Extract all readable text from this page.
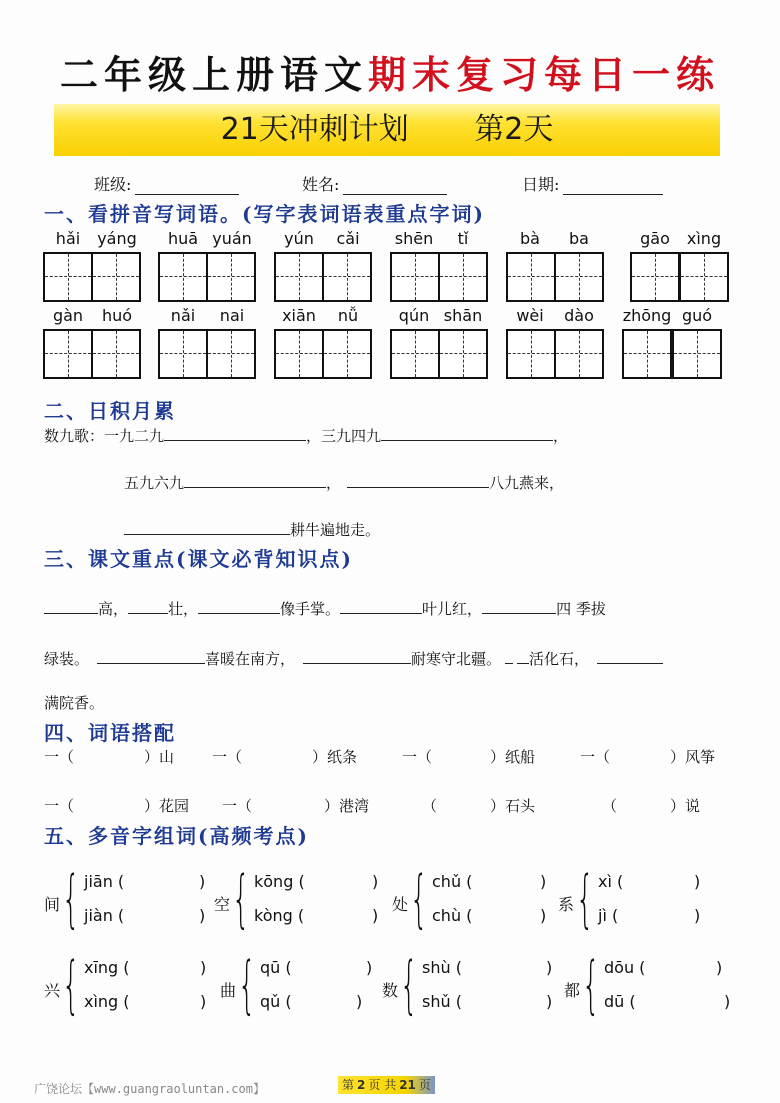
二年级上册语文期末复习每日一练
21天冲刺计划 第2天
班级:	姓名:	日期:
一、看拼音写词语。(写字表词语表重点字词)
hǎi	yáng	huā yuán	yún	cǎi	shēn	tǐ	bà	ba	gāo	xìng
gàn	huó	nǎi	nai	xiān	nǚ	qún shān	wèi	dào	zhōng guó
二、日积月累
数九歌：一九二九	，三九四九	，
五九六九	，	八九燕来，
耕牛遍地走。
三、课文重点(课文必背知识点)
高，	壮，	像手掌。	叶儿红，	四 季拔
绿装。	喜暖在南方，	耐寒守北疆。 活化石，
满院香。
四、词语搭配
一（	）山	一（	）纸条	一（	）纸船	一（	）风筝
一（	）花园 一（	）港湾	（	）石头	（	）说
五、多音字组词(高频考点)
间 { jiān (	)
jiàn (	)
空 { kōng (	)
kòng (	)
处 { chǔ (	)
chù (	)
系 { xì (	)
jì (	)
兴 { xīng (	)
xìng (	)
曲 { qū (	)
qǔ (	)
数 { shù (	)
shǔ (	)
都 { dōu (	)
dū (	)
广饶论坛【www.guangraoluntan.com】	第 2 页 共 21 页
